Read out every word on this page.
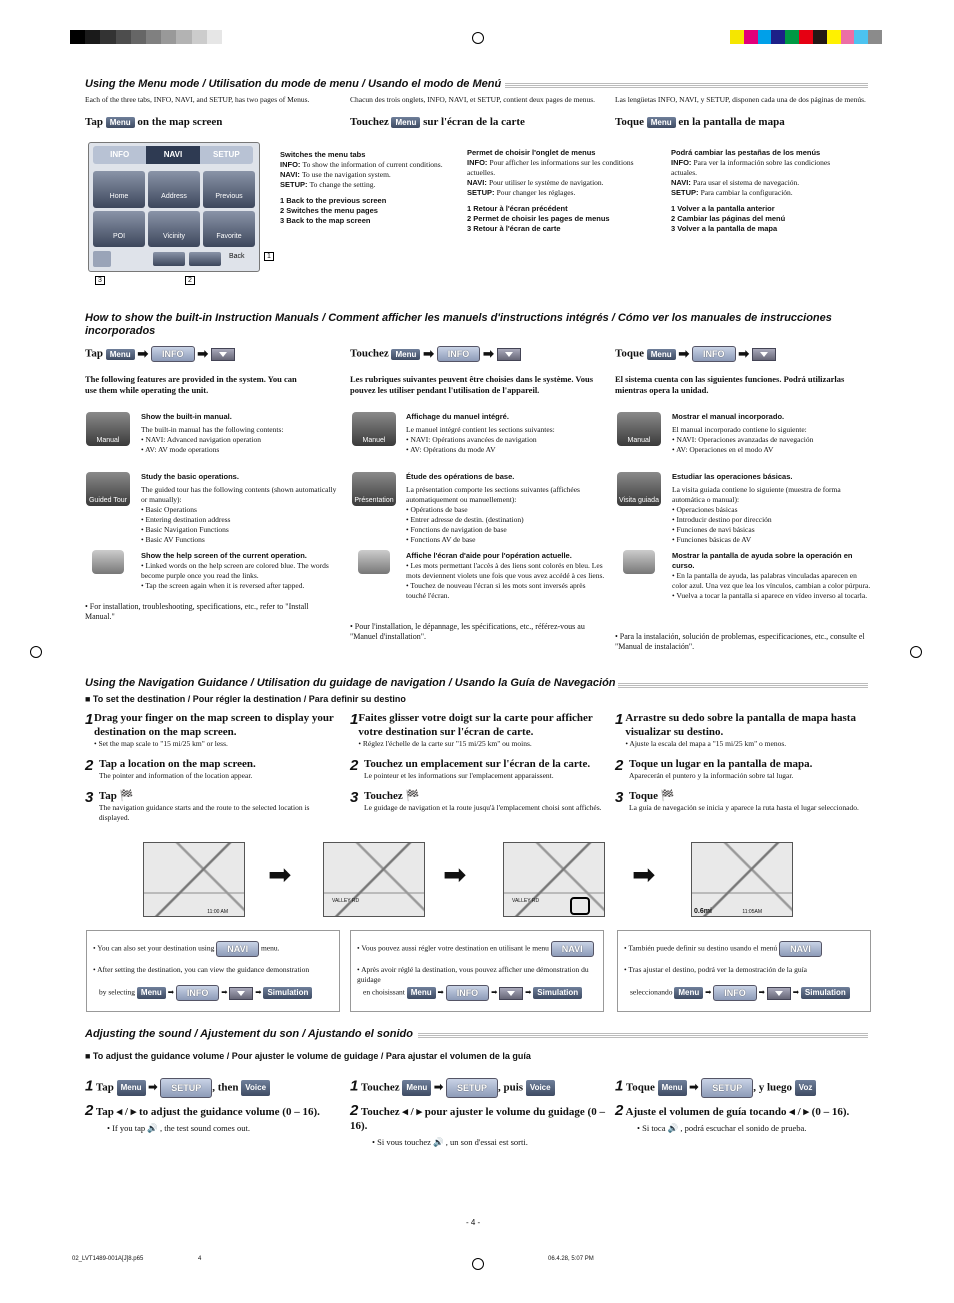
Using the Menu mode / Utilisation du mode de menu / Usando el modo de Menú
Each of the three tabs, INFO, NAVI, and SETUP, has two pages of Menus.	Chacun des trois onglets, INFO, NAVI, et SETUP, contient deux pages de menus.	Las lengüetas INFO, NAVI, y SETUP, disponen cada una de dos páginas de menús.
Tap Menu on the map screen	Touchez Menu sur l'écran de la carte	Toque Menu en la pantalla de mapa
INFO	NAVI	SETUP
Home	Address	Previous
POI	Vicinity	Favorite
Back	1
3	2
Switches the menu tabs
INFO: To show the information of current conditions.
NAVI: To use the navigation system.
SETUP: To change the setting.
1 Back to the previous screen
2 Switches the menu pages
3 Back to the map screen
Permet de choisir l'onglet de menus
INFO: Pour afficher les informations sur les conditions actuelles.
NAVI: Pour utiliser le système de navigation.
SETUP: Pour changer les réglages.
1 Retour à l'écran précédent
2 Permet de choisir les pages de menus
3 Retour à l'écran de carte
Podrá cambiar las pestañas de los menús
INFO: Para ver la información sobre las condiciones actuales.
NAVI: Para usar el sistema de navegación.
SETUP: Para cambiar la configuración.
1 Volver a la pantalla anterior
2 Cambiar las páginas del menú
3 Volver a la pantalla de mapa
How to show the built-in Instruction Manuals / Comment afficher les manuels d'instructions intégrés / Cómo ver los manuales de instrucciones incorporados
Tap Menu ➡ INFO ➡	Touchez Menu ➡ INFO ➡	Toque Menu ➡ INFO ➡
The following features are provided in the system. You can use them while operating the unit.
Les rubriques suivantes peuvent être choisies dans le système. Vous pouvez les utiliser pendant l'utilisation de l'appareil.
El sistema cuenta con las siguientes funciones. Podrá utilizarlas mientras opera la unidad.
Manual
Guided Tour
Manuel
Présentation
Manual
Visita guiada
Show the built-in manual.
The built-in manual has the following contents:
• NAVI: Advanced navigation operation
• AV: AV mode operations
Study the basic operations.
The guided tour has the following contents (shown automatically or manually):
• Basic Operations
• Entering destination address
• Basic Navigation Functions
• Basic AV Functions
Show the help screen of the current operation.
• Linked words on the help screen are colored blue. The words become purple once you read the links.
• Tap the screen again when it is reversed after tapped.
• For installation, troubleshooting, specifications, etc., refer to "Install Manual."
Affichage du manuel intégré.
Le manuel intégré contient les sections suivantes:
• NAVI: Opérations avancées de navigation
• AV: Opérations du mode AV
Étude des opérations de base.
La présentation comporte les sections suivantes (affichées automatiquement ou manuellement):
• Opérations de base
• Entrer adresse de destin. (destination)
• Fonctions de navigation de base
• Fonctions AV de base
Affiche l'écran d'aide pour l'opération actuelle.
• Les mots permettant l'accès à des liens sont colorés en bleu. Les mots deviennent violets une fois que vous avez accédé à ces liens.
• Touchez de nouveau l'écran si les mots sont inversés après touché l'écran.
• Pour l'installation, le dépannage, les spécifications, etc., référez-vous au "Manuel d'installation".
Mostrar el manual incorporado.
El manual incorporado contiene lo siguiente:
• NAVI: Operaciones avanzadas de navegación
• AV: Operaciones en el modo AV
Estudiar las operaciones básicas.
La visita guiada contiene lo siguiente (muestra de forma automática o manual):
• Operaciones básicas
• Introducir destino por dirección
• Funciones de navi básicas
• Funciones básicas de AV
Mostrar la pantalla de ayuda sobre la operación en curso.
• En la pantalla de ayuda, las palabras vinculadas aparecen en color azul. Una vez que lea los vínculos, cambian a color púrpura.
• Vuelva a tocar la pantalla si aparece en vídeo inverso al tocarla.
• Para la instalación, solución de problemas, especificaciones, etc., consulte el "Manual de instalación".
Using the Navigation Guidance / Utilisation du guidage de navigation / Usando la Guía de Navegación
■ To set the destination / Pour régler la destination / Para definir su destino
1 Drag your finger on the map screen to display your destination on the map screen.
• Set the map scale to "15 mi/25 km" or less.
2 Tap a location on the map screen.
The pointer and information of the location appear.
3 Tap 🏁
The navigation guidance starts and the route to the selected location is displayed.
1 Faites glisser votre doigt sur la carte pour afficher votre destination sur l'écran de carte.
• Réglez l'échelle de la carte sur "15 mi/25 km" ou moins.
2 Touchez un emplacement sur l'écran de la carte.
Le pointeur et les informations sur l'emplacement apparaissent.
3 Touchez 🏁
Le guidage de navigation et la route jusqu'à l'emplacement choisi sont affichés.
1 Arrastre su dedo sobre la pantalla de mapa hasta visualizar su destino.
• Ajuste la escala del mapa a "15 mi/25 km" o menos.
2 Toque un lugar en la pantalla de mapa.
Aparecerán el puntero y la información sobre tal lugar.
3 Toque 🏁
La guía de navegación se inicia y aparece la ruta hasta el lugar seleccionado.
11:00 AM
➡
VALLEY RD
➡
VALLEY RD
➡
0.6mi	11:05AM
• You can also set your destination using NAVI menu.
• After setting the destination, you can view the guidance demonstration
by selecting Menu ➡ INFO ➡	➡ Simulation
• Vous pouvez aussi régler votre destination en utilisant le menu NAVI
• Après avoir réglé la destination, vous pouvez afficher une démonstration du guidage
en choisissant Menu ➡ INFO ➡	➡ Simulation
• También puede definir su destino usando el menú NAVI
• Tras ajustar el destino, podrá ver la demostración de la guía
seleccionando Menu ➡ INFO ➡	➡ Simulation
Adjusting the sound / Ajustement du son / Ajustando el sonido
■ To adjust the guidance volume / Pour ajuster le volume de guidage / Para ajustar el volumen de la guía
1 Tap Menu ➡ SETUP , then Voice
2 Tap ◂ / ▸ to adjust the guidance volume (0 – 16).
• If you tap 🔊 , the test sound comes out.
1 Touchez Menu ➡ SETUP , puis Voice
2 Touchez ◂ / ▸ pour ajuster le volume du guidage (0 – 16).
• Si vous touchez 🔊 , un son d'essai est sorti.
1 Toque Menu ➡ SETUP , y luego Voz
2 Ajuste el volumen de guía tocando ◂ / ▸ (0 – 16).
• Si toca 🔊 , podrá escuchar el sonido de prueba.
- 4 -
02_LVT1489-001A[J]8.p65	4	06.4.28, 5:07 PM
